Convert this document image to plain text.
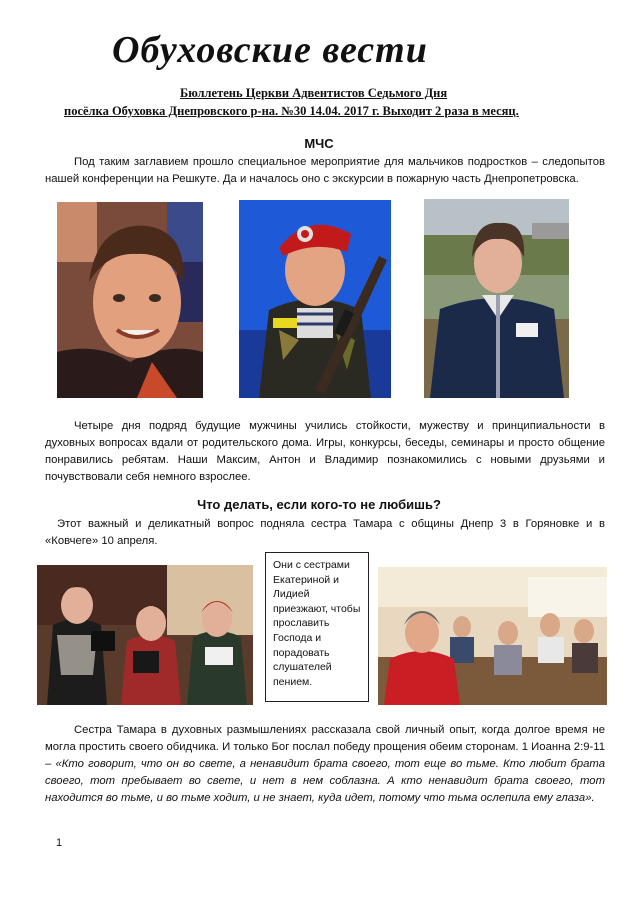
Обуховские вести
Бюллетень Церкви Адвентистов Седьмого Дня
посёлка Обуховка Днепровского р-на. №30 14.04. 2017 г. Выходит 2 раза в месяц.
МЧС
Под таким заглавием прошло специальное мероприятие для мальчиков подростков – следопытов нашей конференции на Решкуте. Да и началось оно с экскурсии в пожарную часть Днепропетровска.
Четыре дня подряд будущие мужчины учились стойкости, мужеству и принципиальности в духовных вопросах вдали от родительского дома. Игры, конкурсы, беседы, семинары и просто общение понравились ребятам. Наши Максим, Антон и Владимир познакомились с новыми друзьями и почувствовали себя немного взрослее.
Что делать, если кого-то не любишь?
Этот важный и деликатный вопрос подняла сестра Тамара с общины Днепр 3 в Горяновке и в «Ковчеге» 10 апреля.
Они с сестрами Екатериной и Лидией приезжают, чтобы прославить Господа и порадовать слушателей пением.
Сестра Тамара в духовных размышлениях рассказала свой личный опыт, когда долгое время не могла простить своего обидчика. И только Бог послал победу прощения обеим сторонам. 1 Иоанна 2:9-11 – «Кто говорит, что он во свете, а ненавидит брата своего, тот еще во тьме. Кто любит брата своего, тот пребывает во свете, и нет в нем соблазна. А кто ненавидит брата своего, тот находится во тьме, и во тьме ходит, и не знает, куда идет, потому что тьма ослепила ему глаза».
1
